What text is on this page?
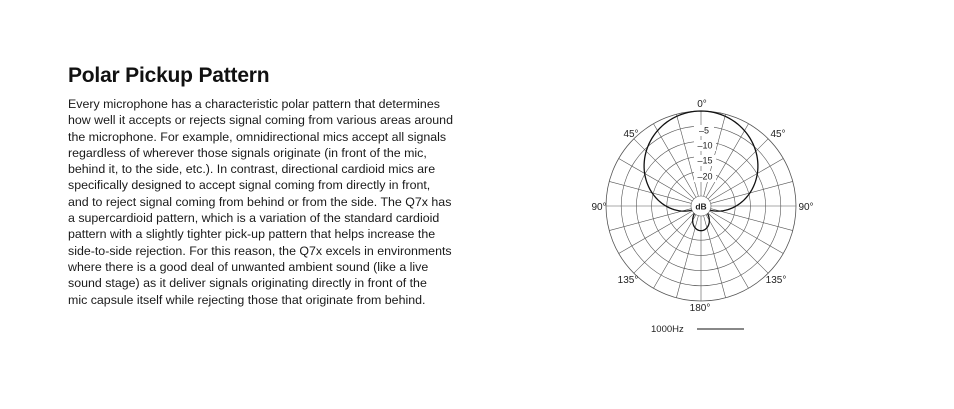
Polar Pickup Pattern

Every microphone has a characteristic polar pattern that determines
how well it accepts or rejects signal coming from various areas around
the microphone. For example, omnidirectional mics accept all signals
regardless of wherever those signals originate (in front of the mic,
behind it, to the side, etc.). In contrast, directional cardioid mics are
specifically designed to accept signal coming from directly in front,
and to reject signal coming from behind or from the side. The Q7x has
a supercardioid pattern, which is a variation of the standard cardioid
pattern with a slightly tighter pick-up pattern that helps increase the
side-to-side rejection. For this reason, the Q7x excels in environments
where there is a good deal of unwanted ambient sound (like a live
sound stage) as it deliver signals originating directly in front of the
mic capsule itself while rejecting those that originate from behind.

–5
–10
–15
–20
dB
0°
45°	45°
90°	90°
135°	135°
180°
1000Hz
